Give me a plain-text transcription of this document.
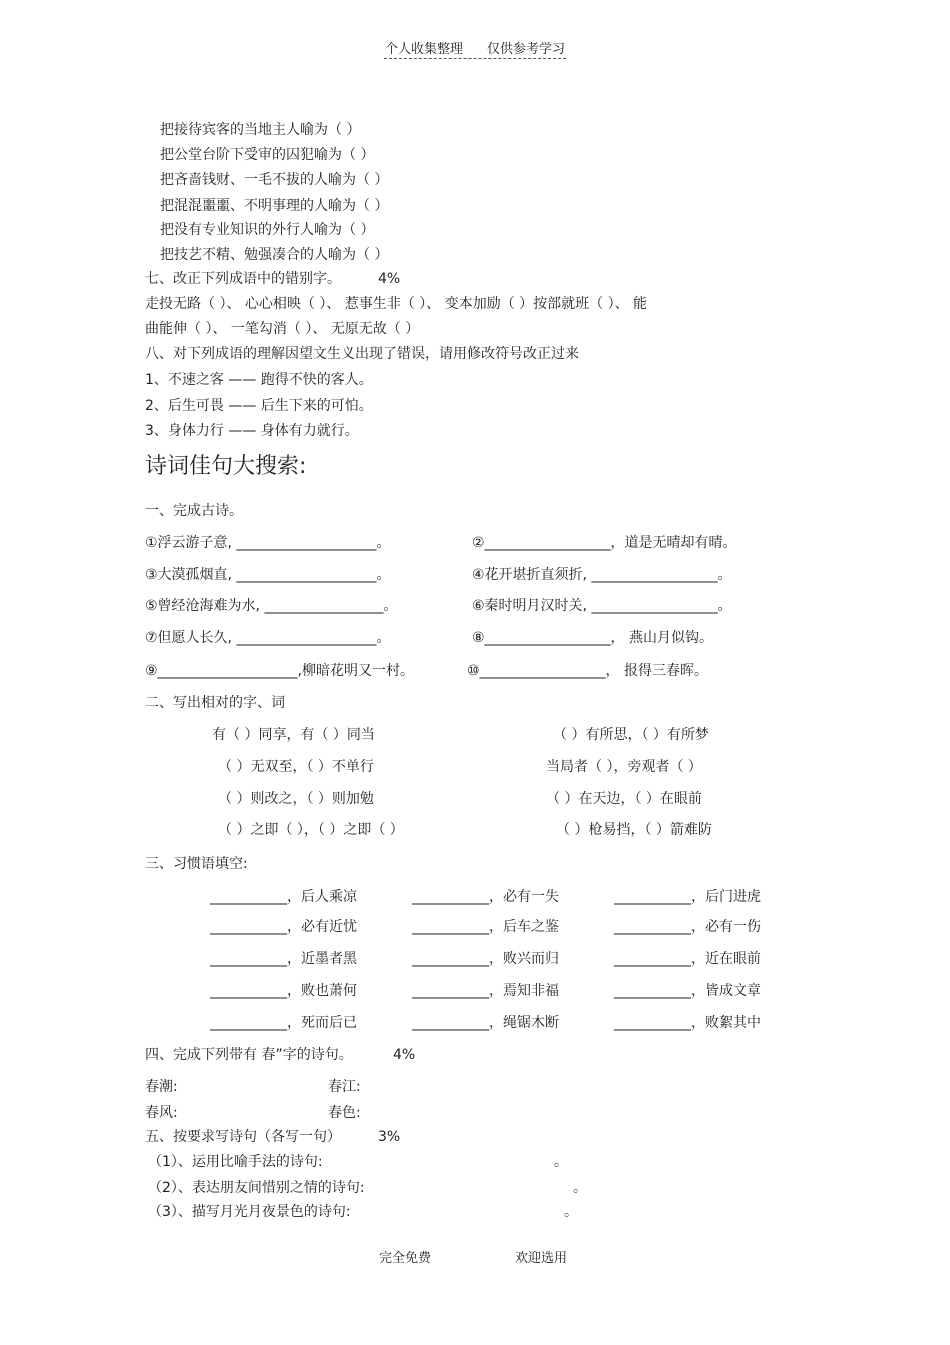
个人收集整理 仅供参考学习
把接待宾客的当地主人喻为（ ）
把公堂台阶下受审的囚犯喻为（ ）
把吝啬钱财、一毛不拔的人喻为（ ）
把混混噩噩、不明事理的人喻为（ ）
把没有专业知识的外行人喻为（ ）
把技艺不精、勉强凑合的人喻为（ ）
七、改正下列成语中的错别字。	4%
走投无路（ ）、 心心相映（ ）、 惹事生非（ ）、 变本加励（ ）按部就班（ ）、 能
曲能伸（ ）、 一笔勾消（ ）、 无原无故（ ）
八、对下列成语的理解因望文生义出现了错误，请用修改符号改正过来
1、不速之客 —— 跑得不快的客人。
2、后生可畏 —— 后生下来的可怕。
3、身体力行 —— 身体有力就行。
诗词佳句大搜索:
一、完成古诗。
①浮云游子意, ____________________。	②__________________，道是无晴却有晴。
③大漠孤烟直, ____________________。	④花开堪折直须折, __________________。
⑤曾经沧海难为水, _________________。	⑥秦时明月汉时关, __________________。
⑦但愿人长久, ____________________。	⑧__________________， 燕山月似钩。
⑨____________________,柳暗花明又一村。	⑩__________________， 报得三春晖。
二、写出相对的字、词
有（ ）同享，有（ ）同当	（ ）有所思，（ ）有所梦
（ ）无双至，（ ）不单行	当局者（ ），旁观者（ ）
（ ）则改之，（ ）则加勉	（ ）在天边，（ ）在眼前
（ ）之即（ ），（ ）之即（ ）	（ ）枪易挡，（ ）箭难防
三、习惯语填空:
___________，后人乘凉	___________，必有一失	___________，后门进虎
___________，必有近忧	___________，后车之鉴	___________，必有一伤
___________，近墨者黑	___________，败兴而归	___________，近在眼前
___________，败也萧何	___________，焉知非福	___________，皆成文章
___________，死而后已	___________，绳锯木断	___________，败絮其中
四、完成下列带有 春”字的诗句。	4%
春潮:	春江:
春风:	春色:
五、按要求写诗句（各写一句）	3%
（1）、运用比喻手法的诗句:	。
（2）、表达朋友间惜别之情的诗句:	。
（3）、描写月光月夜景色的诗句:	。
完全免费	欢迎选用
